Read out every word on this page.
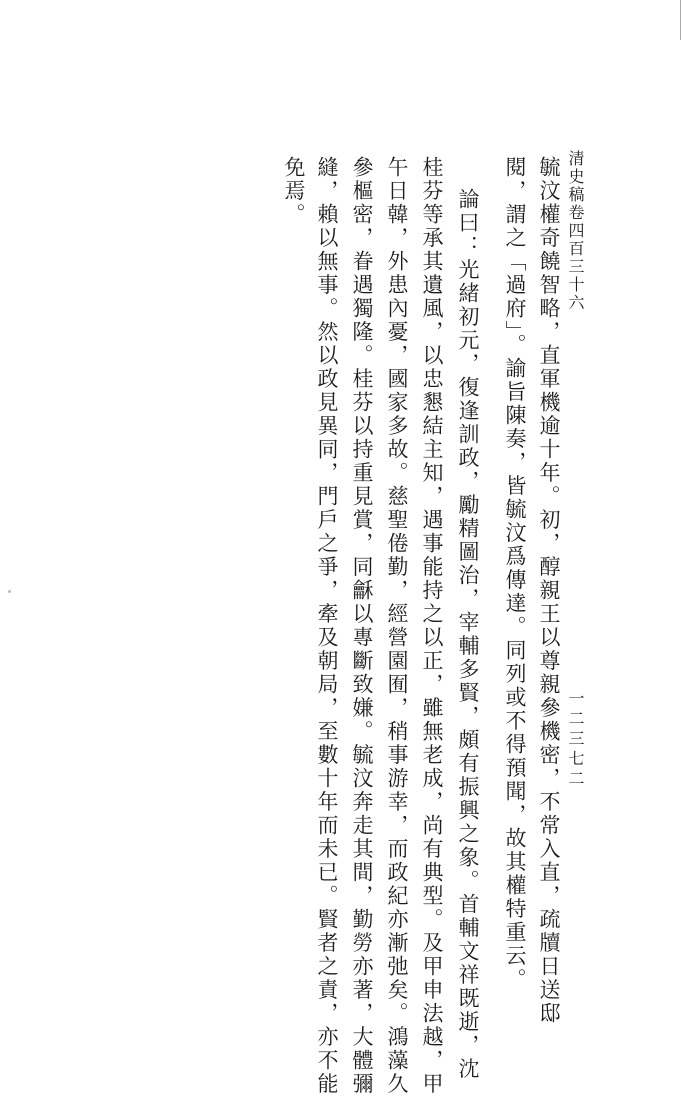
清史稿卷四百三十六
一二三七二
毓汶權奇饒智略，直軍機逾十年。初，醇親王以尊親參機密，不常入直，疏牘日送邸
閱，謂之「過府」。諭旨陳奏，皆毓汶爲傳達。同列或不得預聞，故其權特重云。
論曰：光緒初元，復逢訓政，勵精圖治，宰輔多賢，頗有振興之象。首輔文祥既逝，沈
桂芬等承其遺風，以忠懇結主知，遇事能持之以正，雖無老成，尚有典型。及甲申法越，甲
午日韓，外患內憂，國家多故。慈聖倦勤，經營園囿，稍事游幸，而政紀亦漸弛矣。鴻藻久
參樞密，眷遇獨隆。桂芬以持重見賞，同龢以專斷致嫌。毓汶奔走其間，勤勞亦著，大體彌
縫，賴以無事。然以政見異同，門戶之爭，牽及朝局，至數十年而未已。賢者之責，亦不能
免焉。
